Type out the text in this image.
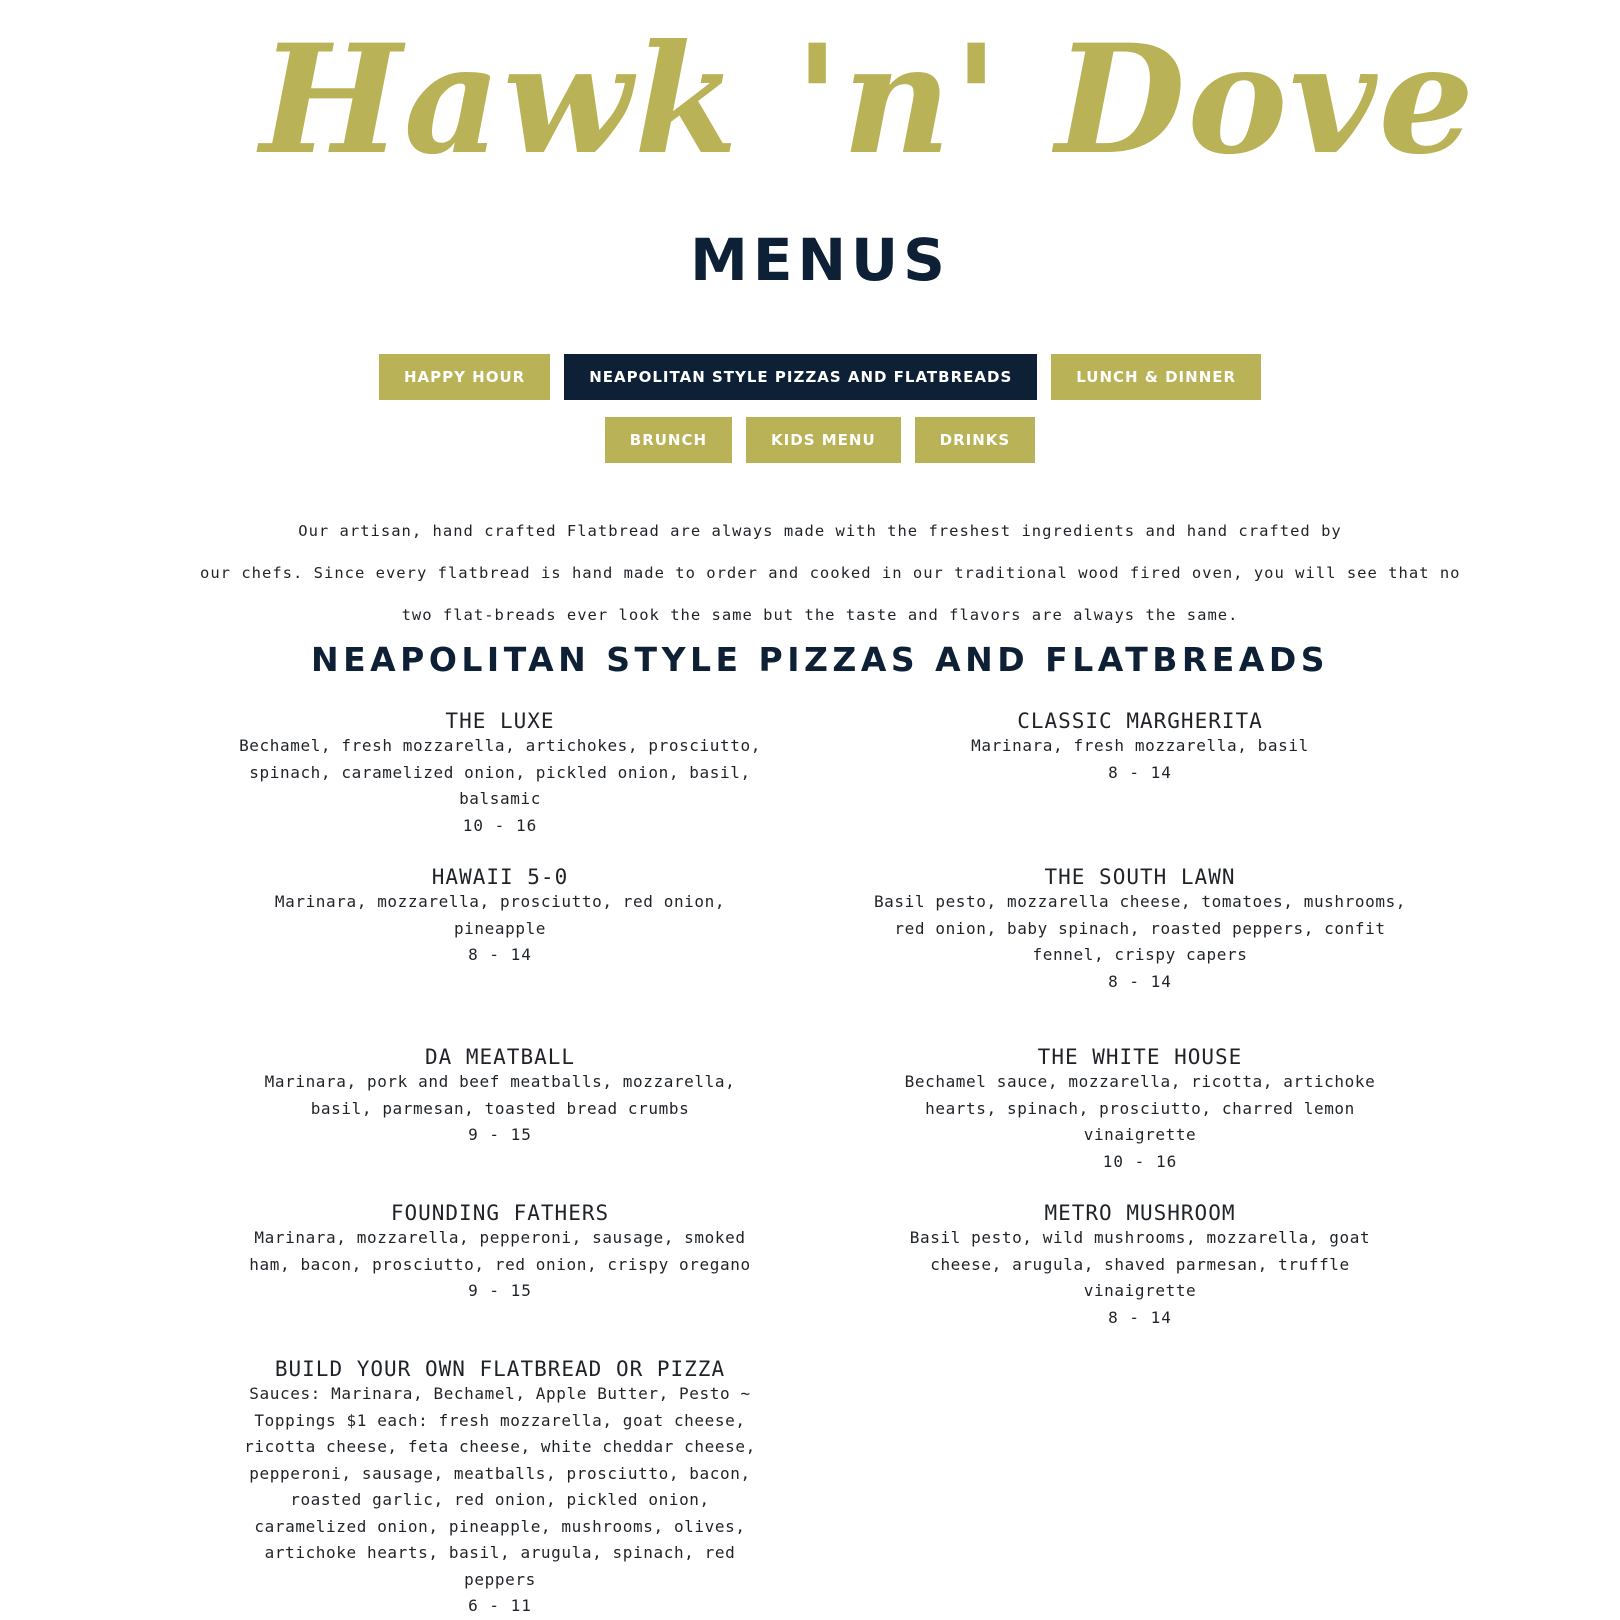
Hawk 'n' Dove
MENUS
HAPPY HOUR	NEAPOLITAN STYLE PIZZAS AND FLATBREADS	LUNCH & DINNER
BRUNCH	KIDS MENU	DRINKS

Our artisan, hand crafted Flatbread are always made with the freshest ingredients and hand crafted by

our chefs. Since every flatbread is hand made to order and cooked in our traditional wood fired oven, you will see that no

two flat-breads ever look the same but the taste and flavors are always the same.

NEAPOLITAN STYLE PIZZAS AND FLATBREADS
THE LUXE
Bechamel, fresh mozzarella, artichokes, prosciutto, spinach, caramelized onion, pickled onion, basil, balsamic
10 - 16
CLASSIC MARGHERITA
Marinara, fresh mozzarella, basil
8 - 14
HAWAII 5-0
Marinara, mozzarella, prosciutto, red onion, pineapple
8 - 14
THE SOUTH LAWN
Basil pesto, mozzarella cheese, tomatoes, mushrooms, red onion, baby spinach, roasted peppers, confit fennel, crispy capers
8 - 14
DA MEATBALL
Marinara, pork and beef meatballs, mozzarella, basil, parmesan, toasted bread crumbs
9 - 15
THE WHITE HOUSE
Bechamel sauce, mozzarella, ricotta, artichoke hearts, spinach, prosciutto, charred lemon vinaigrette
10 - 16
FOUNDING FATHERS
Marinara, mozzarella, pepperoni, sausage, smoked ham, bacon, prosciutto, red onion, crispy oregano
9 - 15
METRO MUSHROOM
Basil pesto, wild mushrooms, mozzarella, goat cheese, arugula, shaved parmesan, truffle vinaigrette
8 - 14
BUILD YOUR OWN FLATBREAD OR PIZZA
Sauces: Marinara, Bechamel, Apple Butter, Pesto ~ Toppings $1 each: fresh mozzarella, goat cheese, ricotta cheese, feta cheese, white cheddar cheese, pepperoni, sausage, meatballs, prosciutto, bacon, roasted garlic, red onion, pickled onion, caramelized onion, pineapple, mushrooms, olives, artichoke hearts, basil, arugula, spinach, red peppers
6 - 11
